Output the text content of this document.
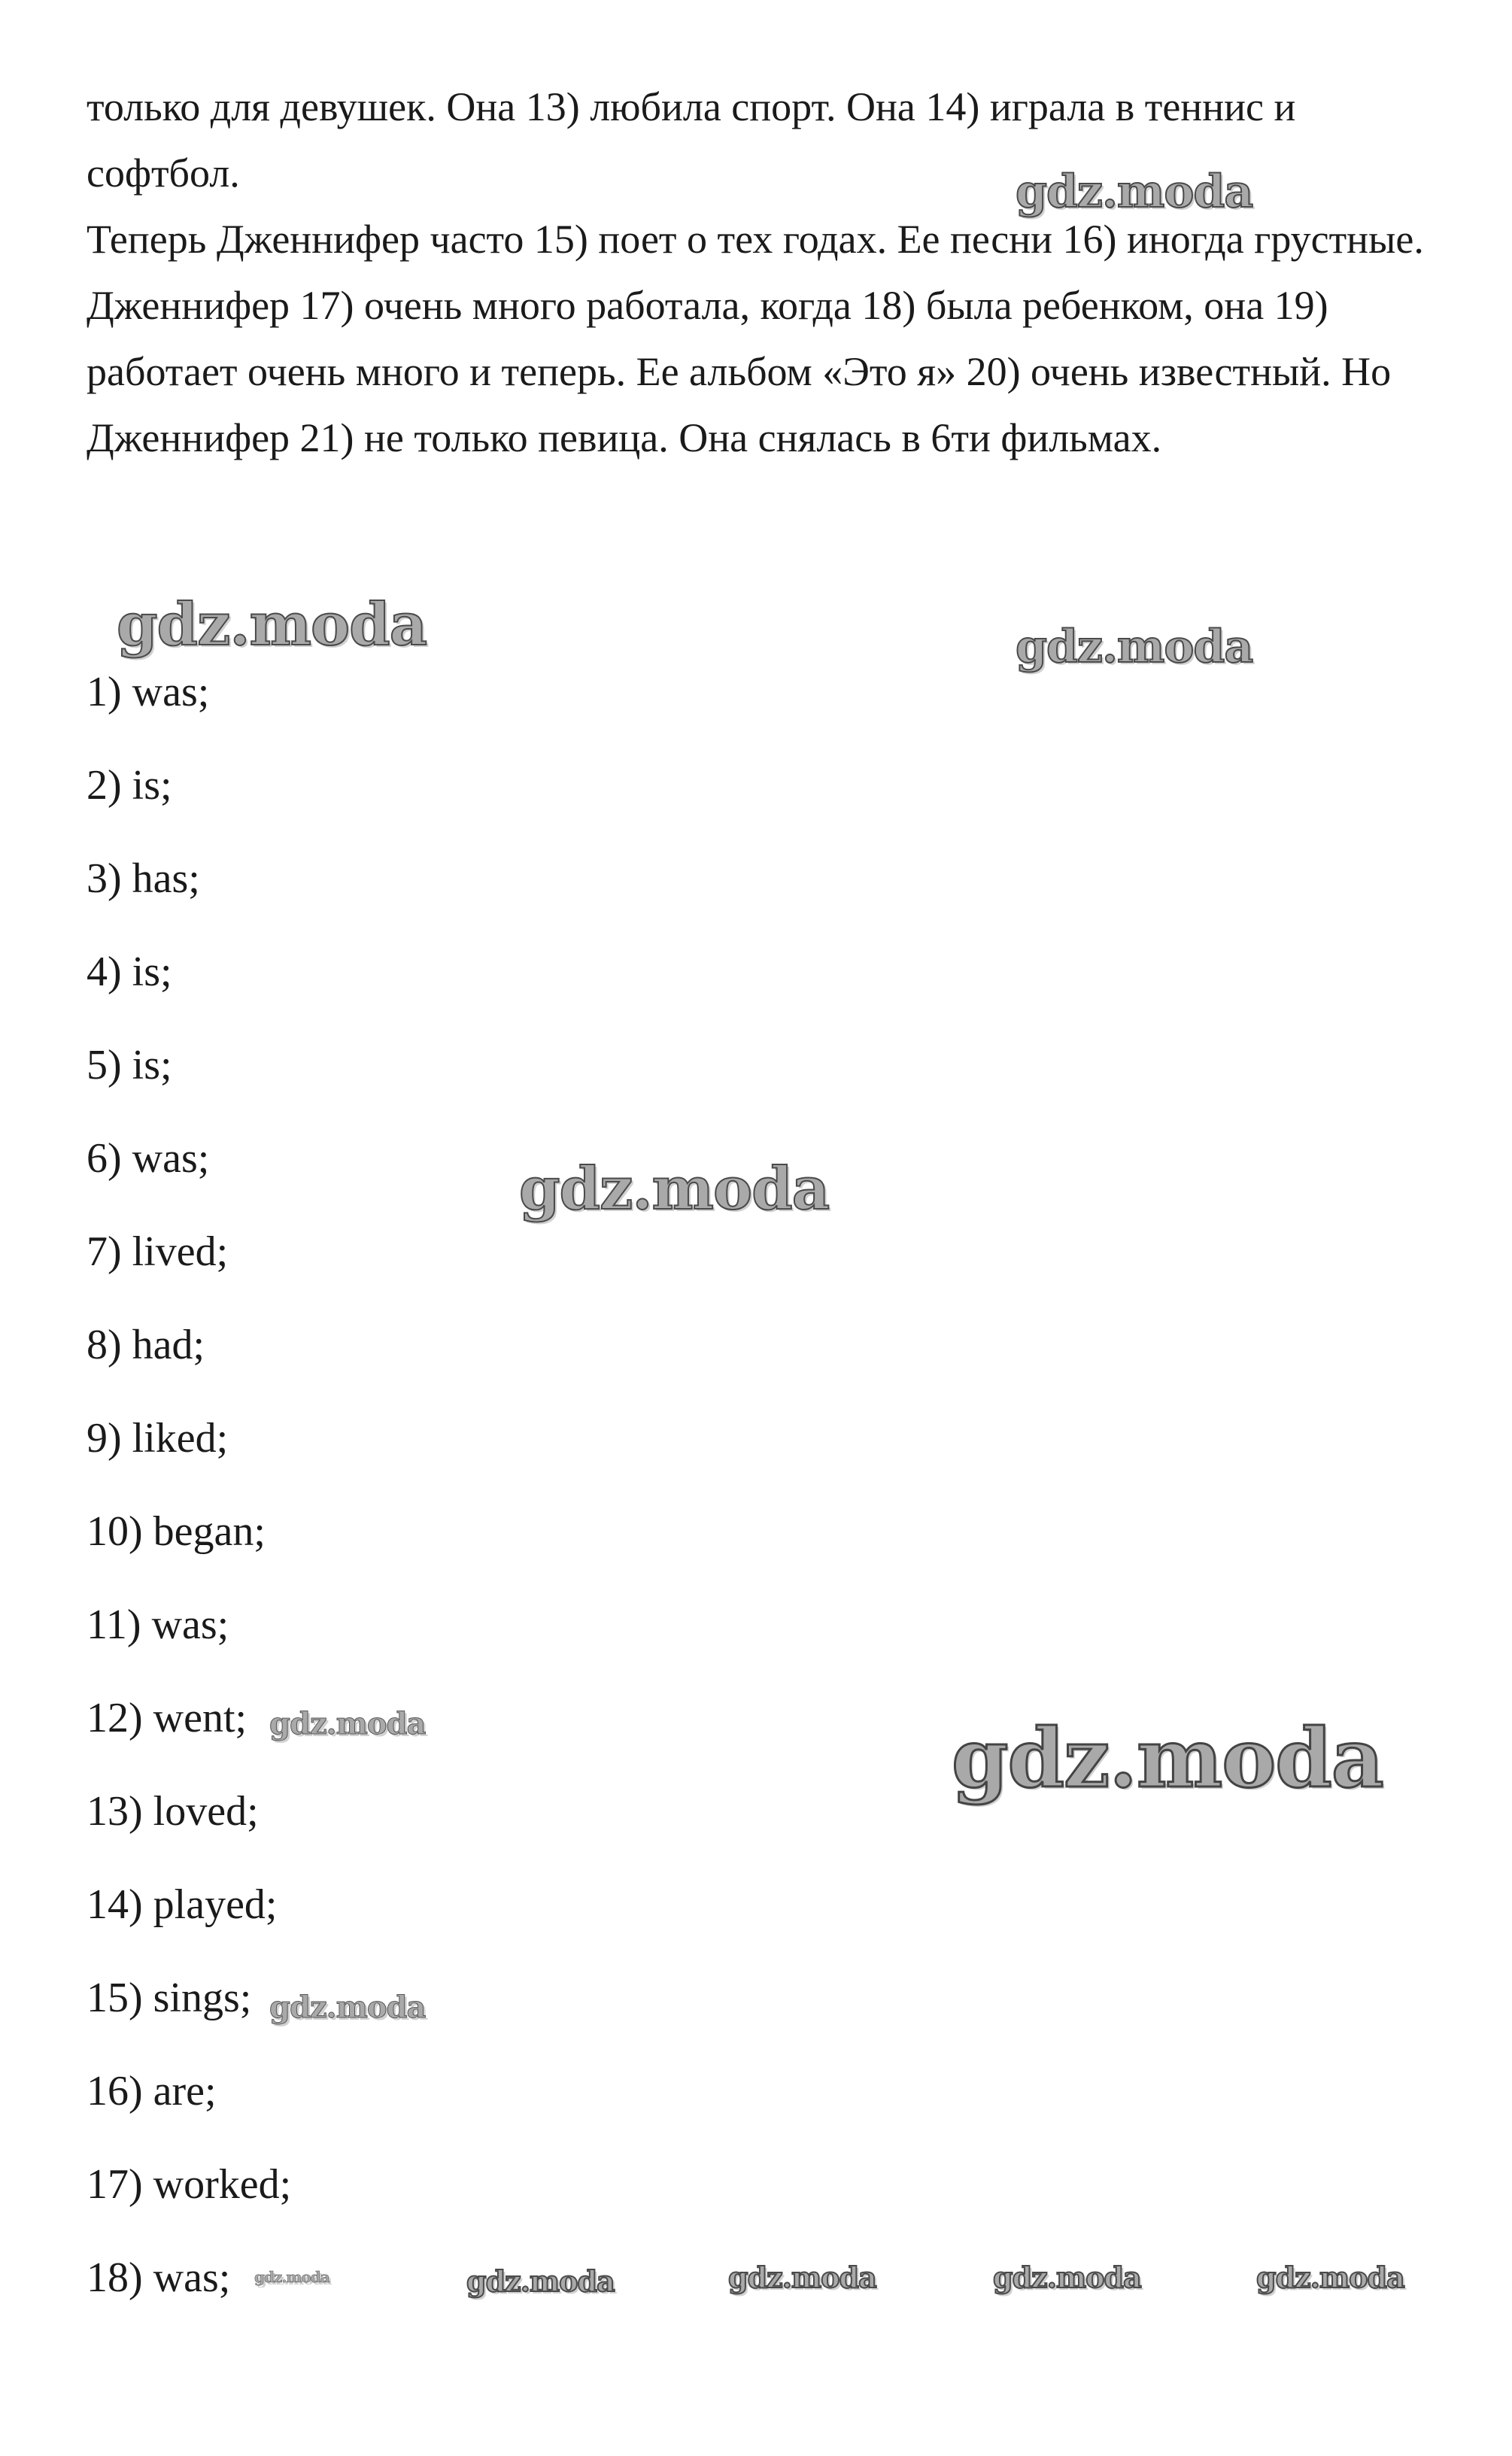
только для девушек. Она 13) любила спорт. Она 14) играла в теннис и софтбол.

Теперь Дженнифер часто 15) поет о тех годах. Ее песни 16) иногда грустные. Дженнифер 17) очень много работала, когда 18) была ребенком, она 19) работает очень много и теперь. Ее альбом «Это я» 20) очень известный. Но Дженнифер 21) не только певица. Она снялась в 6ти фильмах.

1) was;
2) is;
3) has;
4) is;
5) is;
6) was;
7) lived;
8) had;
9) liked;
10) began;
11) was;
12) went;
13) loved;
14) played;
15) sings;
16) are;
17) worked;
18) was;
gdz.moda
gdz.moda	gdz.moda
gdz.moda
gdz.moda	gdz.moda
gdz.moda
gdz.moda	gdz.moda	gdz.moda	gdz.moda	gdz.moda
